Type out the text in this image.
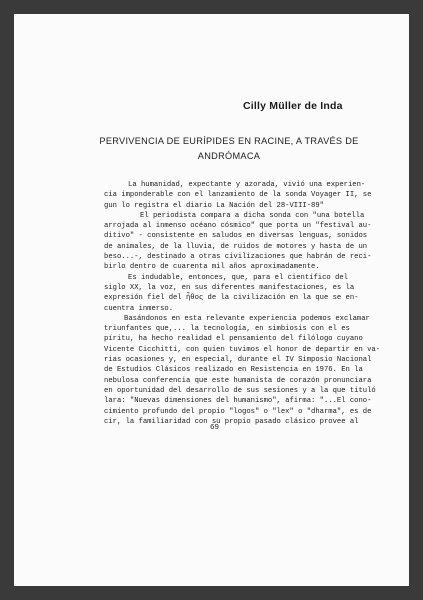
Cilly Müller de Inda
PERVIVENCIA DE EURÍPIDES EN RACINE, A TRAVÉS DE
ANDRÓMACA
La humanidad, expectante y azorada, vivió una experien-
cia imponderable con el lanzamiento de la sonda Voyager II, se
gun lo registra el diario La Nación del 28-VIII-89"
El periodista compara a dicha sonda con "una botella
arrojada al inmenso océano cósmico" que porta un "festival au-
ditivo" - consistente en saludos en diversas lenguas, sonidos
de animales, de la lluvia, de ruidos de motores y hasta de un
beso...-, destinado a otras civilizaciones que habrán de reci-
birlo dentro de cuarenta mil años aproximadamente.
Es indudable, entonces, que, para el científico del
siglo XX, la voz, en sus diferentes manifestaciones, es la
expresión fiel del ἦθος de la civilización en la que se en-
cuentra inmerso.
Basándonos en esta relevante experiencia podemos exclamar
triunfantes que,... la tecnología, en simbiosis con el es
píritu, ha hecho realidad el pensamiento del filólogo cuyano
Vicente Cicchitti, con quien tuvimos el honor de departir en va-
rias ocasiones y, en especial, durante el IV Simposio Nacional
de Estudios Clásicos realizado en Resistencia en 1976. En la
nebulosa conferencia que este humanista de corazón pronunciara
en oportunidad del desarrollo de sus sesiones y a la que tituló
lara: "Nuevas dimensiones del humanismo", afirma: "...El cono-
cimiento profundo del propio "logos" o "lex" o "dharma", es de
cir, la familiaridad con su propio pasado clásico provee al
69
